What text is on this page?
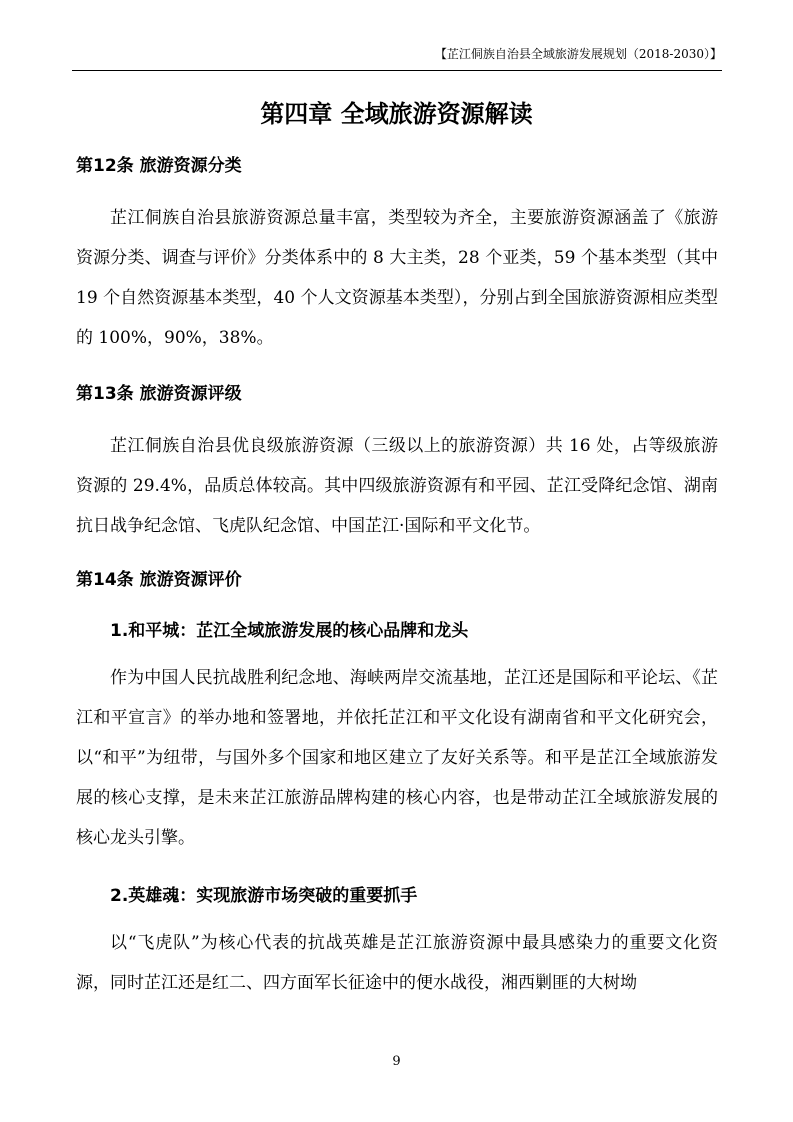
【芷江侗族自治县全域旅游发展规划（2018-2030）】
第四章 全域旅游资源解读
第12条 旅游资源分类

芷江侗族自治县旅游资源总量丰富，类型较为齐全，主要旅游资源涵盖了《旅游资源分类、调查与评价》分类体系中的 8 大主类，28 个亚类，59 个基本类型（其中 19 个自然资源基本类型，40 个人文资源基本类型），分别占到全国旅游资源相应类型的 100%，90%，38%。

第13条 旅游资源评级

芷江侗族自治县优良级旅游资源（三级以上的旅游资源）共 16 处，占等级旅游资源的 29.4%，品质总体较高。其中四级旅游资源有和平园、芷江受降纪念馆、湖南抗日战争纪念馆、飞虎队纪念馆、中国芷江·国际和平文化节。

第14条 旅游资源评价
1.和平城：芷江全域旅游发展的核心品牌和龙头

作为中国人民抗战胜利纪念地、海峡两岸交流基地，芷江还是国际和平论坛、《芷江和平宣言》的举办地和签署地，并依托芷江和平文化设有湖南省和平文化研究会，以“和平”为纽带，与国外多个国家和地区建立了友好关系等。和平是芷江全域旅游发展的核心支撑，是未来芷江旅游品牌构建的核心内容，也是带动芷江全域旅游发展的核心龙头引擎。

2.英雄魂：实现旅游市场突破的重要抓手

以“飞虎队”为核心代表的抗战英雄是芷江旅游资源中最具感染力的重要文化资源，同时芷江还是红二、四方面军长征途中的便水战役，湘西剿匪的大树坳

9
